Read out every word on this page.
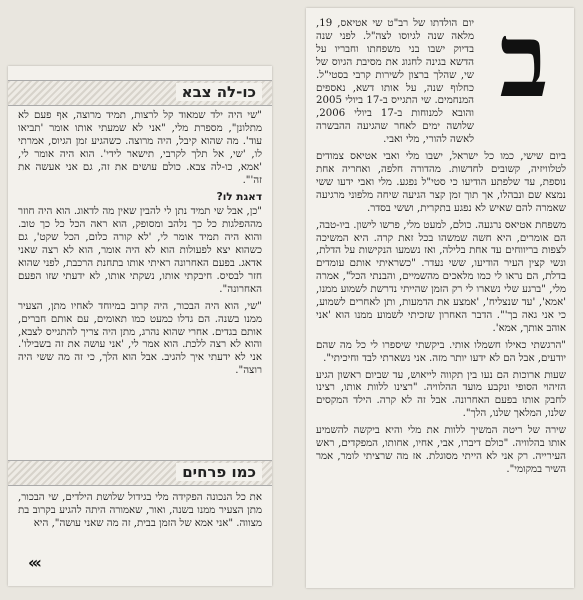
כו-לה צבא

"שי היה ילד שמאוד קל לרצות, תמיד מרוצה, אף פעם לא מתלונן", מספרת מלי, "אני לא שמעתי אותו אומר 'תביאו עוד'. מה שהוא קיבל, היה מרוצה. כשהגיע זמן הגיוס, אמרתי לו, 'שי, אל תלך לקרבי, תישאר לידי'. הוא היה אומר לי, 'אמא, כו-לה צבא. כולם עושים את זה, גם אני אעשה את זה'".

דאגת לו?

"כן, אבל שי תמיד נתן לי להבין שאין מה לדאוג. הוא היה חוזר מההפלגות כל כך נלהב ומסופק, הוא ראה הכל כל כך טוב. והוא היה תמיד אומר לי, 'לא קורה כלום, הכל שקט', גם כשהוא יצא לפעולות הוא לא היה אומר, הוא לא רצה שאני אדאג. בפעם האחרונה ראיתי אותו בתחנת הרכבת, לפני שהוא חזר לבסיס. חיבקתי אותו, נשקתי אותו, לא ידעתי שזו הפעם האחרונה".

"שי, הוא היה הבכור, היה קרוב במיוחד לאחיו מתן, הצעיר ממנו בשנה. הם גדלו כמעט כמו תאומים, עם אותם חברים, אותם בגדים. אחרי שהוא נהרג, מתן היה צריך להתגייס לצבא, והוא לא רצה ללכת. הוא אמר לי, 'אני עושה את זה בשבילו'. אני לא ידעתי איך להגיב. אבל הוא הלך, כי זה מה ששי היה רוצה".

כמו פרחים

את כל הנכונה הפקידה מלי בגידול שלושת הילדים, שי הבכור, מתן הצעיר ממנו בשנה, ואור, שאמורה היתה להגיע בקרוב בת מצווה. "אני אמא של הזמן בבית, זה מה שאני עושה", היא

‹‹‹
ב

יום הולדתו של רב"ט שי אטיאס, 19, מלאה שנה לגיוסו לצה"ל. לפני שנה בדיוק ישבו בני משפחתו וחבריו על הדשא בגינה לחגוג את מסיבת הגיוס של שי, שהלך ברצון לשירות קרבי בסטי"ל. כחלוף שנה, על אותו דשא, נאספים המנחמים. שי התגייס ב-17 ביולי 2005 והובא למנוחות ב-17 ביולי 2006, שלושה ימים לאחר שהגיעה ההבשרה לאשה להורי, מלי ואבי.

ביום שישי, כמו כל ישראל, ישבו מלי ואבי אטיאס צמודים לטלוויזיה, קשובים לחדשות. מהדורה חלפה, ואחריה אחת נוספת, עד שלפתע הודיעו כי סטי"ל נפגע. מלי ואבי ידעו ששי נמצא שם ונבהלו, אך תוך זמן קצר הגיעה שיחה מלפוני מרגיעה שאמרה להם שאיש לא נפגע בתקרית, וששי בסדר.

משפחת אטיאס נרגעה. כולם, למעט מלי, פרשו לישון. ביו-טבה, הם אומרים, היא חשה שמשהו בכל זאת קרה. היא המשיכה לצפות בריווחים עד אחת בלילה, ואז נשמעו הנקישות על הדלת, ונשי קצין העיר הודיעו, ששי נעדר. "כשראיתי אותם עומדים בדלת, הם נראו לי כמו מלאכים מהשמיים, והבנתי הכל", אמרה מלי, "ברגע שלי נשארו לי רק הזמן שהייתי נדרשת לשמוע ממנו, 'אמא', 'עד שנצליח', 'אמצע את הדמעות, ותן לאחרים לשמוע, כי אני גאה בך'". הדבר האחרון שזכיתי לשמוע ממנו הוא 'אני אוהב אותך, אמא'.

"הרגשתי כאילו חשמלו אותי. ביקשתי שיספרו לי כל מה שהם יודעים, אבל הם לא ידעו יותר מזה. אני נשארתי לבד וחיכיתי".

שעות ארוכות הם נעו בין תקווה לייאוש, עד שביום ראשון הגיע הזיהוי הסופי ונקבע מועד ההלוויה. "רצינו ללוות אותו, רצינו לחבק אותו בפעם האחרונה. אבל זה לא קרה. הילד המקסים שלנו, המלאך שלנו, הלך".

שירה של ריטה המשיך ללוות את מלי והיא ביקשה להשמיע אותו בהלוויה. "כולם דיברו, אבי, אחיו, אחותו, המפקדים, ראש העירייה. רק אני לא הייתי מסוגלת. אז מה שרציתי לומר, אמר השיר במקומי".
